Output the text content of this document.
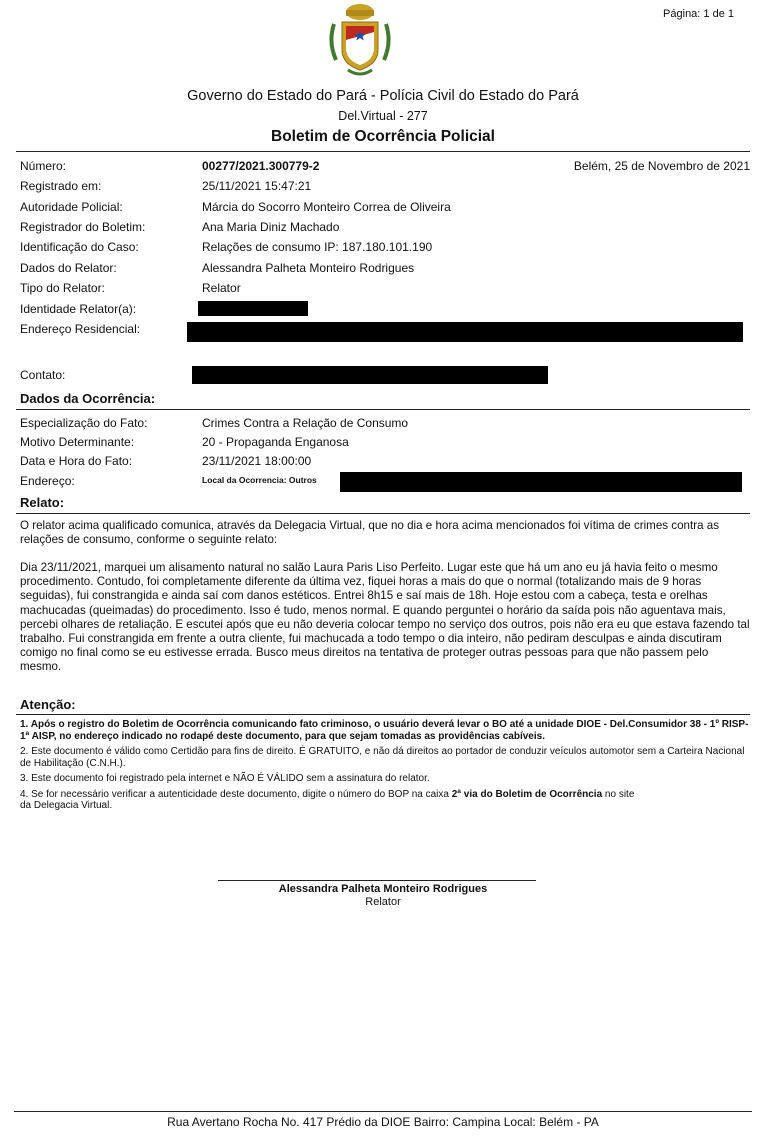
Página: 1 de 1
Governo do Estado do Pará - Polícia Civil do Estado do Pará
Del.Virtual - 277
Boletim de Ocorrência Policial
Número:	00277/2021.300779-2	Belém, 25 de Novembro de 2021
Registrado em:	25/11/2021 15:47:21
Autoridade Policial:	Márcia do Socorro Monteiro Correa de Oliveira
Registrador do Boletim:	Ana Maria Diniz Machado
Identificação do Caso:	Relações de consumo IP: 187.180.101.190
Dados do Relator:	Alessandra Palheta Monteiro Rodrigues
Tipo do Relator:	Relator
Identidade Relator(a):
Endereço Residencial:
Contato:
Dados da Ocorrência:
Especialização do Fato:	Crimes Contra a Relação de Consumo
Motivo Determinante:	20 - Propaganda Enganosa
Data e Hora do Fato:	23/11/2021 18:00:00
Endereço:	Local da Ocorrencia: Outros
Relato:
O relator acima qualificado comunica, através da Delegacia Virtual, que no dia e hora acima mencionados foi vítima de crimes contra as relações de consumo, conforme o seguinte relato:
Dia 23/11/2021, marquei um alisamento natural no salão Laura Paris Liso Perfeito. Lugar este que há um ano eu já havia feito o mesmo procedimento. Contudo, foi completamente diferente da última vez, fiquei horas a mais do que o normal (totalizando mais de 9 horas seguidas), fui constrangida e ainda saí com danos estéticos. Entrei 8h15 e saí mais de 18h. Hoje estou com a cabeça, testa e orelhas machucadas (queimadas) do procedimento. Isso é tudo, menos normal. E quando perguntei o horário da saída pois não aguentava mais, percebi olhares de retaliação. E escutei após que eu não deveria colocar tempo no serviço dos outros, pois não era eu que estava fazendo tal trabalho. Fui constrangida em frente a outra cliente, fui machucada a todo tempo o dia inteiro, não pediram desculpas e ainda discutiram comigo no final como se eu estivesse errada. Busco meus direitos na tentativa de proteger outras pessoas para que não passem pelo mesmo.
Atenção:

1. Após o registro do Boletim de Ocorrência comunicando fato criminoso, o usuário deverá levar o BO até a unidade DIOE - Del.Consumidor 38 - 1º RISP- 1ª AISP, no endereço indicado no rodapé deste documento, para que sejam tomadas as providências cabíveis.

2. Este documento é válido como Certidão para fins de direito. É GRATUITO, e não dá direitos ao portador de conduzir veículos automotor sem a Carteira Nacional de Habilitação (C.N.H.).

3. Este documento foi registrado pela internet e NÃO É VÁLIDO sem a assinatura do relator.

4. Se for necessário verificar a autenticidade deste documento, digite o número do BOP na caixa 2ª via do Boletim de Ocorrência no site

da Delegacia Virtual.

Alessandra Palheta Monteiro Rodrigues
Relator
Rua Avertano Rocha No. 417 Prédio da DIOE Bairro: Campina Local: Belém - PA
